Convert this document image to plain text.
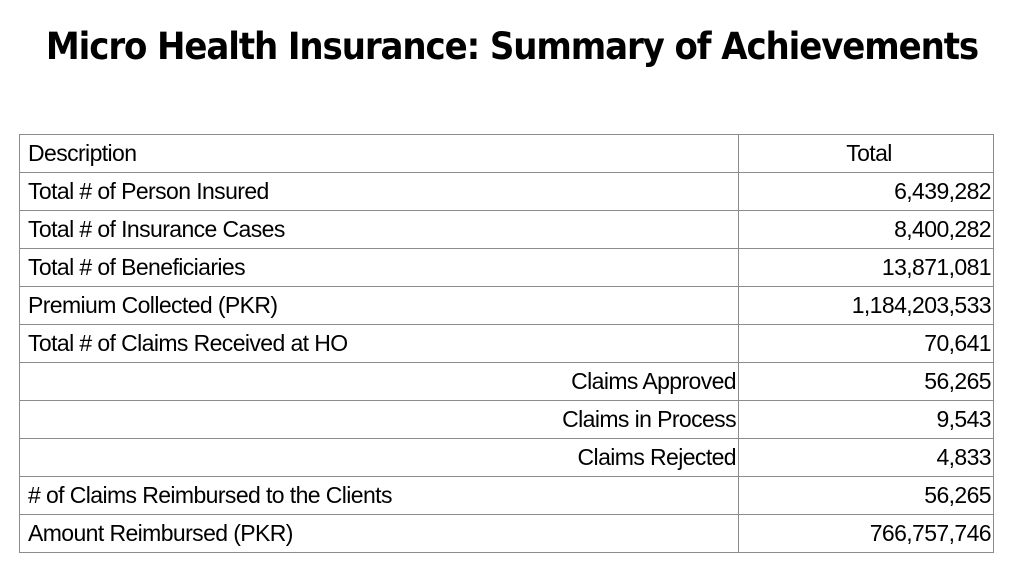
Micro Health Insurance: Summary of Achievements
Description	Total
Total # of Person Insured	6,439,282
Total # of Insurance Cases	8,400,282
Total # of Beneficiaries	13,871,081
Premium Collected (PKR)	1,184,203,533
Total # of Claims Received at HO	70,641
Claims Approved	56,265
Claims in Process	9,543
Claims Rejected	4,833
# of Claims Reimbursed to the Clients	56,265
Amount Reimbursed (PKR)	766,757,746
